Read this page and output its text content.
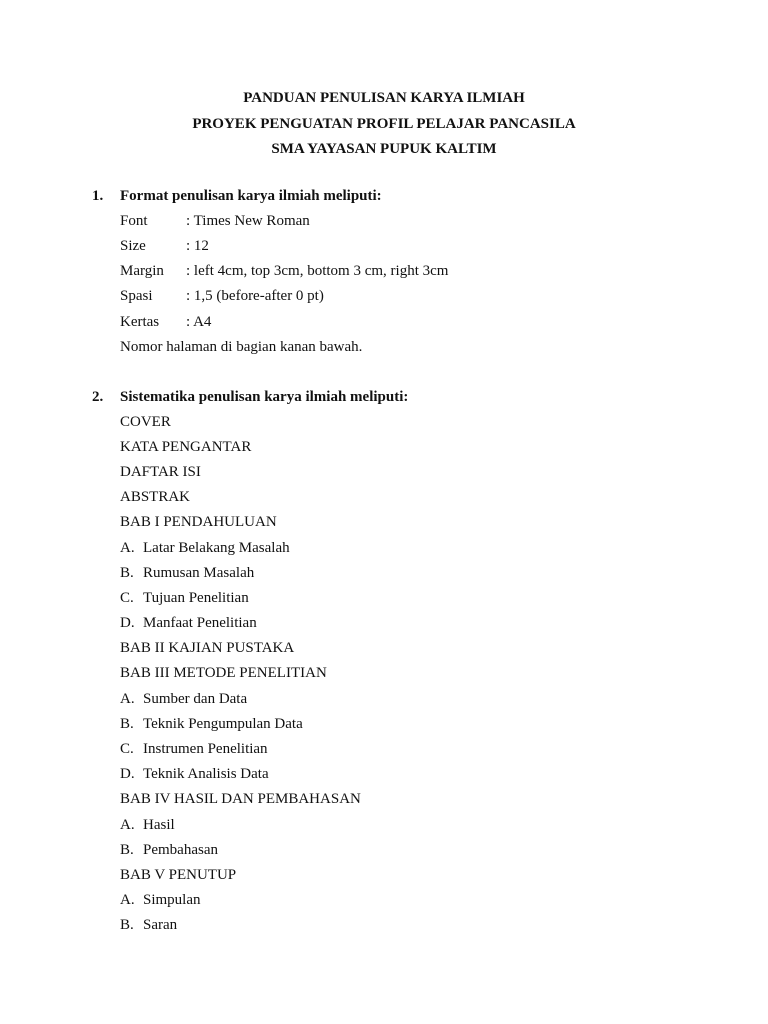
PANDUAN PENULISAN KARYA ILMIAH
PROYEK PENGUATAN PROFIL PELAJAR PANCASILA
SMA YAYASAN PUPUK KALTIM
1. Format penulisan karya ilmiah meliputi:
Font	: Times New Roman
Size	: 12
Margin : left 4cm, top 3cm, bottom 3 cm, right 3cm
Spasi : 1,5 (before-after 0 pt)
Kertas : A4
Nomor halaman di bagian kanan bawah.
2. Sistematika penulisan karya ilmiah meliputi:
COVER
KATA PENGANTAR
DAFTAR ISI
ABSTRAK
BAB I PENDAHULUAN
A. Latar Belakang Masalah
B. Rumusan Masalah
C. Tujuan Penelitian
D. Manfaat Penelitian
BAB II KAJIAN PUSTAKA
BAB III METODE PENELITIAN
A. Sumber dan Data
B. Teknik Pengumpulan Data
C. Instrumen Penelitian
D. Teknik Analisis Data
BAB IV HASIL DAN PEMBAHASAN
A. Hasil
B. Pembahasan
BAB V PENUTUP
A. Simpulan
B. Saran
